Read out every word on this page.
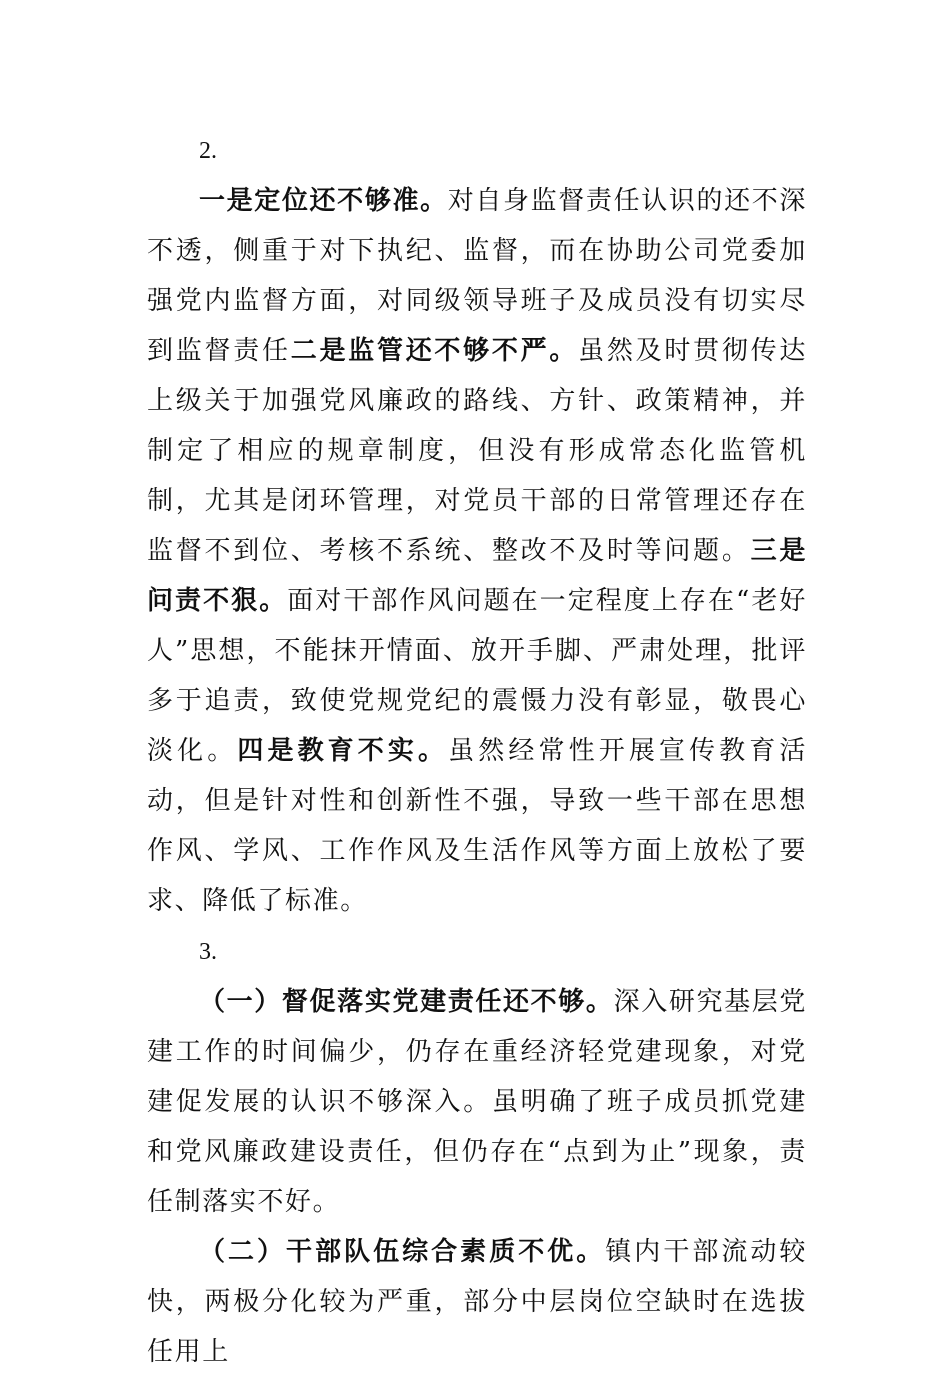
2.

一是定位还不够准。对自身监督责任认识的还不深不透，侧重于对下执纪、监督，而在协助公司党委加强党内监督方面，对同级领导班子及成员没有切实尽到监督责任二是监管还不够不严。虽然及时贯彻传达上级关于加强党风廉政的路线、方针、政策精神，并制定了相应的规章制度，但没有形成常态化监管机制，尤其是闭环管理，对党员干部的日常管理还存在监督不到位、考核不系统、整改不及时等问题。三是问责不狠。面对干部作风问题在一定程度上存在“老好人”思想，不能抹开情面、放开手脚、严肃处理，批评多于追责，致使党规党纪的震慑力没有彰显，敬畏心淡化。四是教育不实。虽然经常性开展宣传教育活动，但是针对性和创新性不强，导致一些干部在思想作风、学风、工作作风及生活作风等方面上放松了要求、降低了标准。

3.

（一）督促落实党建责任还不够。深入研究基层党建工作的时间偏少，仍存在重经济轻党建现象，对党建促发展的认识不够深入。虽明确了班子成员抓党建和党风廉政建设责任，但仍存在“点到为止”现象，责任制落实不好。

（二）干部队伍综合素质不优。镇内干部流动较快，两极分化较为严重，部分中层岗位空缺时在选拔任用上
